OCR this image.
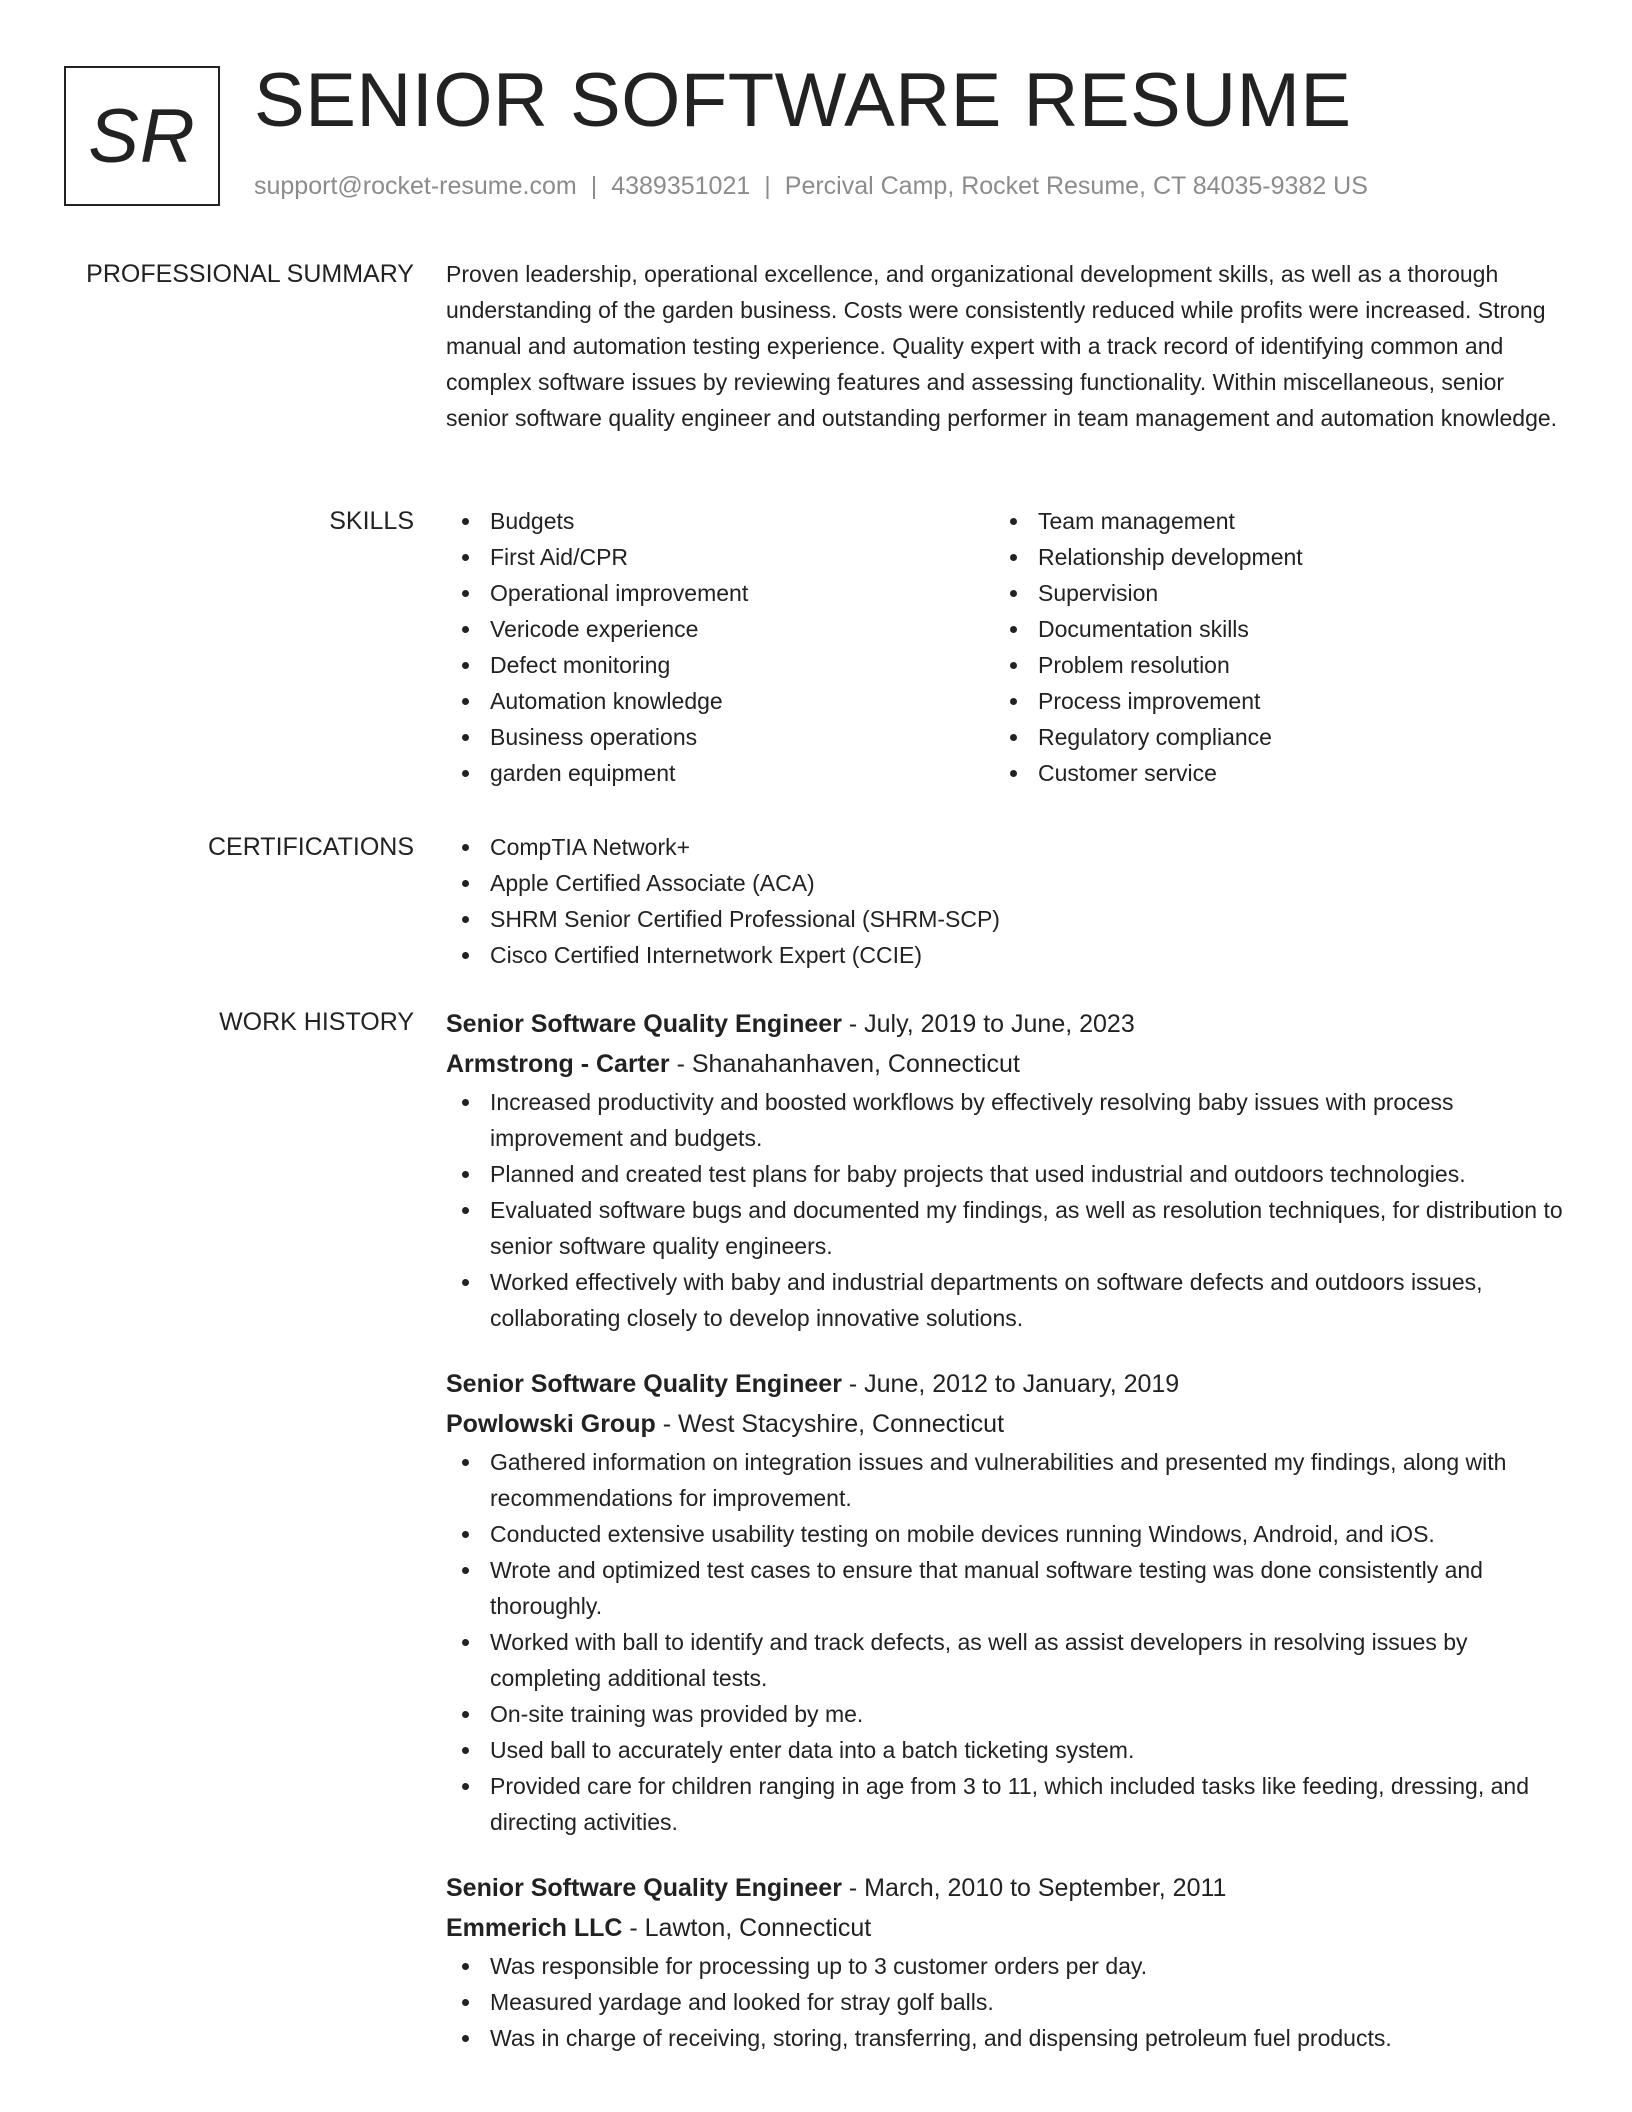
SR SENIOR SOFTWARE RESUME
support@rocket-resume.com | 4389351021 | Percival Camp, Rocket Resume, CT 84035-9382 US
PROFESSIONAL SUMMARY Proven leadership, operational excellence, and organizational development skills, as well as a thorough understanding of the garden business. Costs were consistently reduced while profits were increased. Strong manual and automation testing experience. Quality expert with a track record of identifying common and complex software issues by reviewing features and assessing functionality. Within miscellaneous, senior senior software quality engineer and outstanding performer in team management and automation knowledge.

SKILLS	Budgets
First Aid/CPR
Operational improvement
Vericode experience
Defect monitoring
Automation knowledge
Business operations
garden equipment
Team management
Relationship development
Supervision
Documentation skills
Problem resolution
Process improvement
Regulatory compliance
Customer service
CERTIFICATIONS	CompTIA Network+
Apple Certified Associate (ACA)
SHRM Senior Certified Professional (SHRM-SCP)
Cisco Certified Internetwork Expert (CCIE)
WORK HISTORY Senior Software Quality Engineer - July, 2019 to June, 2023
Armstrong - Carter - Shanahanhaven, Connecticut
Increased productivity and boosted workflows by effectively resolving baby issues with process improvement and budgets.
Planned and created test plans for baby projects that used industrial and outdoors technologies.
Evaluated software bugs and documented my findings, as well as resolution techniques, for distribution to senior software quality engineers.
Worked effectively with baby and industrial departments on software defects and outdoors issues, collaborating closely to develop innovative solutions.
Senior Software Quality Engineer - June, 2012 to January, 2019
Powlowski Group - West Stacyshire, Connecticut
Gathered information on integration issues and vulnerabilities and presented my findings, along with recommendations for improvement.
Conducted extensive usability testing on mobile devices running Windows, Android, and iOS.
Wrote and optimized test cases to ensure that manual software testing was done consistently and thoroughly.
Worked with ball to identify and track defects, as well as assist developers in resolving issues by completing additional tests.
On-site training was provided by me.
Used ball to accurately enter data into a batch ticketing system.
Provided care for children ranging in age from 3 to 11, which included tasks like feeding, dressing, and directing activities.
Senior Software Quality Engineer - March, 2010 to September, 2011
Emmerich LLC - Lawton, Connecticut
Was responsible for processing up to 3 customer orders per day.
Measured yardage and looked for stray golf balls.
Was in charge of receiving, storing, transferring, and dispensing petroleum fuel products.
